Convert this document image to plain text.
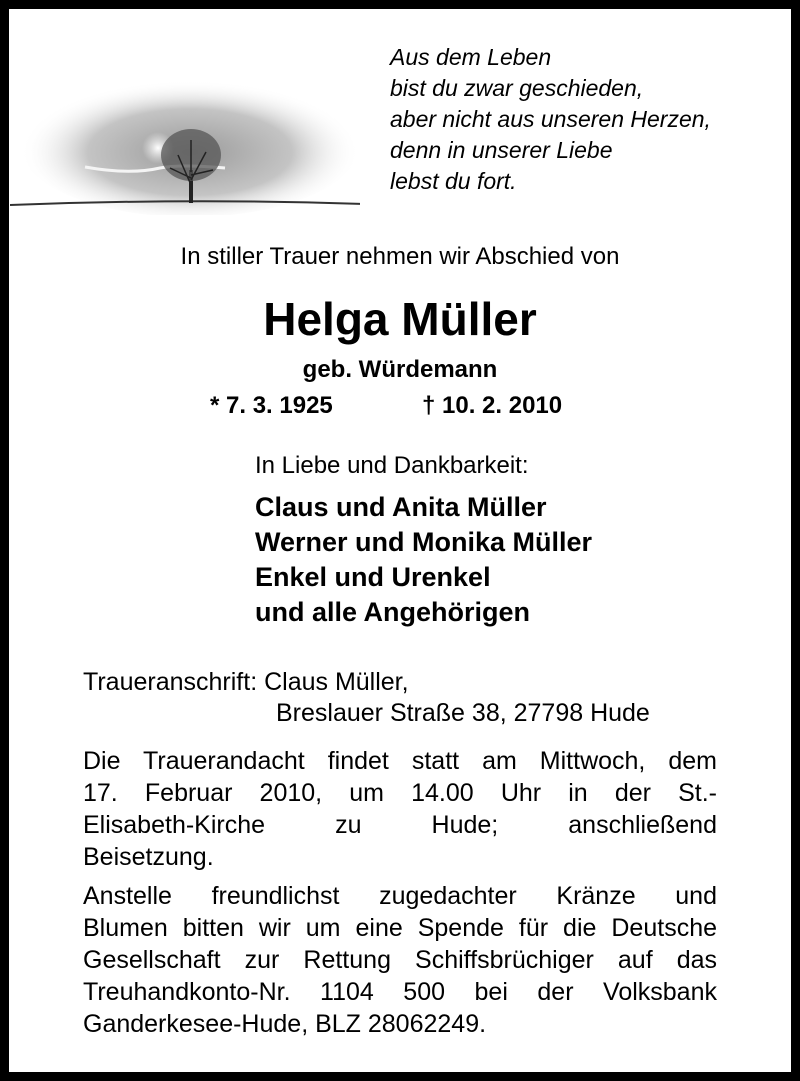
Aus dem Leben
bist du zwar geschieden,
aber nicht aus unseren Herzen,
denn in unserer Liebe
lebst du fort.
In stiller Trauer nehmen wir Abschied von
Helga Müller
geb. Würdemann
* 7. 3. 1925	† 10. 2. 2010
In Liebe und Dankbarkeit:
Claus und Anita Müller
Werner und Monika Müller
Enkel und Urenkel
und alle Angehörigen
Traueranschrift: Claus Müller,
Breslauer Straße 38, 27798 Hude
Die Trauerandacht findet statt am Mittwoch, dem
17. Februar 2010, um 14.00 Uhr in der St.-
Elisabeth-Kirche zu Hude; anschließend
Beisetzung.
Anstelle freundlichst zugedachter Kränze und
Blumen bitten wir um eine Spende für die Deutsche
Gesellschaft zur Rettung Schiffsbrüchiger auf das
Treuhandkonto-Nr. 1104 500 bei der Volksbank
Ganderkesee-Hude, BLZ 28062249.
